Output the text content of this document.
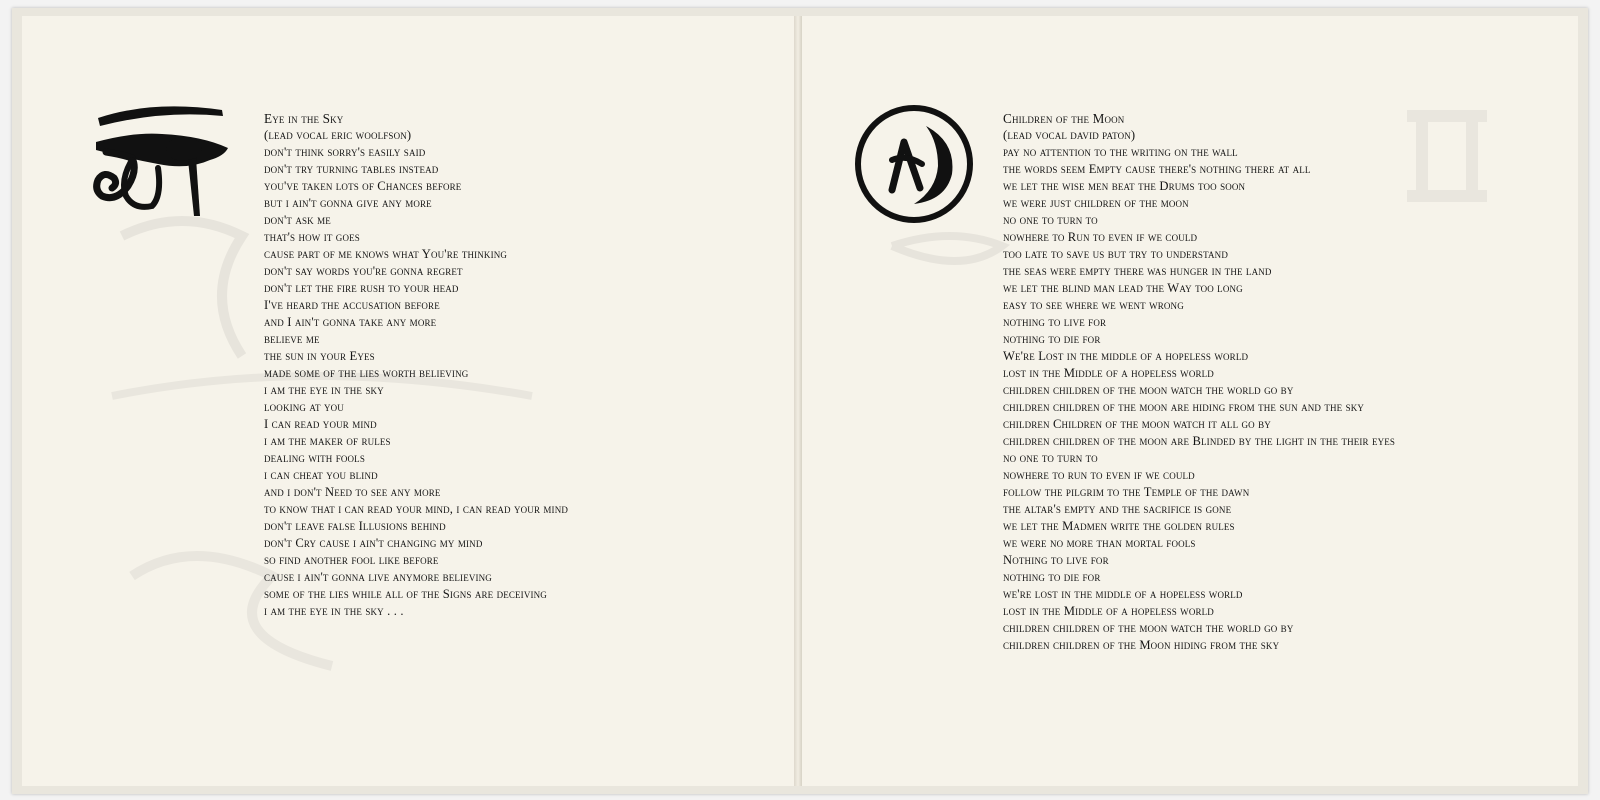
Eye in the Sky
(lead vocal eric woolfson)
don't think sorry's easily said
don't try turning tables instead
you've taken lots of Chances before
but i ain't gonna give any more
don't ask me
that's how it goes
cause part of me knows what You're thinking
don't say words you're gonna regret
don't let the fire rush to your head
I've heard the accusation before
and I ain't gonna take any more
believe me
the sun in your Eyes
made some of the lies worth believing
i am the eye in the sky
looking at you
I can read your mind
i am the maker of rules
dealing with fools
i can cheat you blind
and i don't Need to see any more
to know that i can read your mind, i can read your mind
don't leave false Illusions behind
don't Cry cause i ain't changing my mind
so find another fool like before
cause i ain't gonna live anymore believing
some of the lies while all of the Signs are deceiving
i am the eye in the sky . . .
Children of the Moon
(lead vocal david paton)
pay no attention to the writing on the wall
the words seem Empty cause there's nothing there at all
we let the wise men beat the Drums too soon
we were just children of the moon
no one to turn to
nowhere to Run to even if we could
too late to save us but try to understand
the seas were empty there was hunger in the land
we let the blind man lead the Way too long
easy to see where we went wrong
nothing to live for
nothing to die for
We're Lost in the middle of a hopeless world
lost in the Middle of a hopeless world
children children of the moon watch the world go by
children children of the moon are hiding from the sun and the sky
children Children of the moon watch it all go by
children children of the moon are Blinded by the light in the their eyes
no one to turn to
nowhere to run to even if we could
follow the pilgrim to the Temple of the dawn
the altar's empty and the sacrifice is gone
we let the Madmen write the golden rules
we were no more than mortal fools
Nothing to live for
nothing to die for
we're lost in the middle of a hopeless world
lost in the Middle of a hopeless world
children children of the moon watch the world go by
children children of the Moon hiding from the sky
